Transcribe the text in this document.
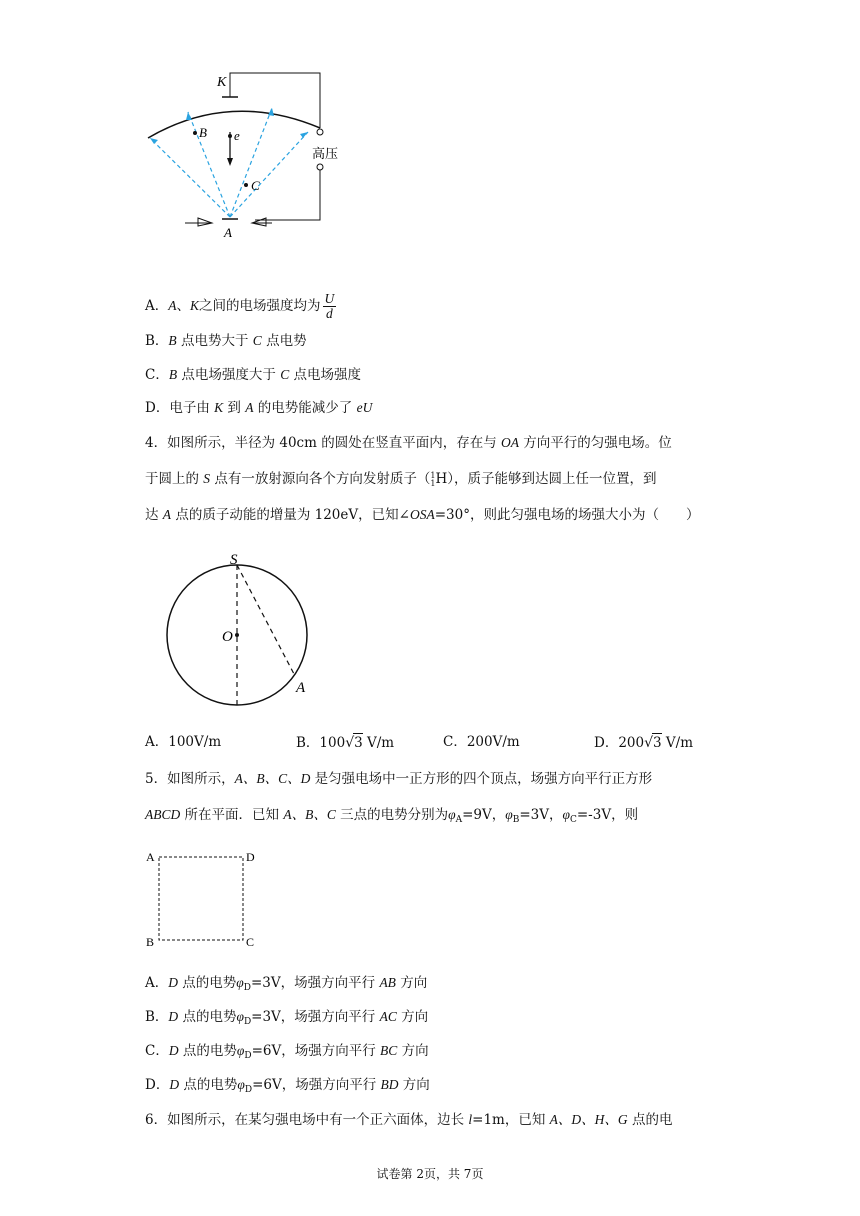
K
B e
C
A
高压
A．A、K之间的电场强度均为 $\frac{U}{d}$
B．B 点电势大于 C 点电势
C．B 点电场强度大于 C 点电场强度
D．电子由 K 到 A 的电势能减少了 eU
4．如图所示，半径为 40cm 的圆处在竖直平面内，存在与 OA 方向平行的匀强电场。位
于圆上的 S 点有一放射源向各个方向发射质子（ 1
1 H），质子能够到达圆上任一位置，到
达 A 点的质子动能的增量为 120eV，已知∠OSA=30°，则此匀强电场的场强大小为（　　）
S
O
A
A．100V/m	B．100√3 V/m	C．200V/m	D．200√3 V/m
5．如图所示，A、B、C、D 是匀强电场中一正方形的四个顶点，场强方向平行正方形
ABCD 所在平面．已知 A、B、C 三点的电势分别为$\varphi_A=9V$，$\varphi_B=3V$，$\varphi_C=-3V$，则
A
B	C
D
A．D 点的电势$\varphi_D=3V$，场强方向平行 AB 方向
B．D 点的电势$\varphi_D=3V$，场强方向平行 AC 方向
C．D 点的电势$\varphi_D=6V$，场强方向平行 BC 方向
D．D 点的电势$\varphi_D=6V$，场强方向平行 BD 方向
6．如图所示，在某匀强电场中有一个正六面体，边长 l=1m，已知 A、D、H、G 点的电
试卷第 2页，共 7页
